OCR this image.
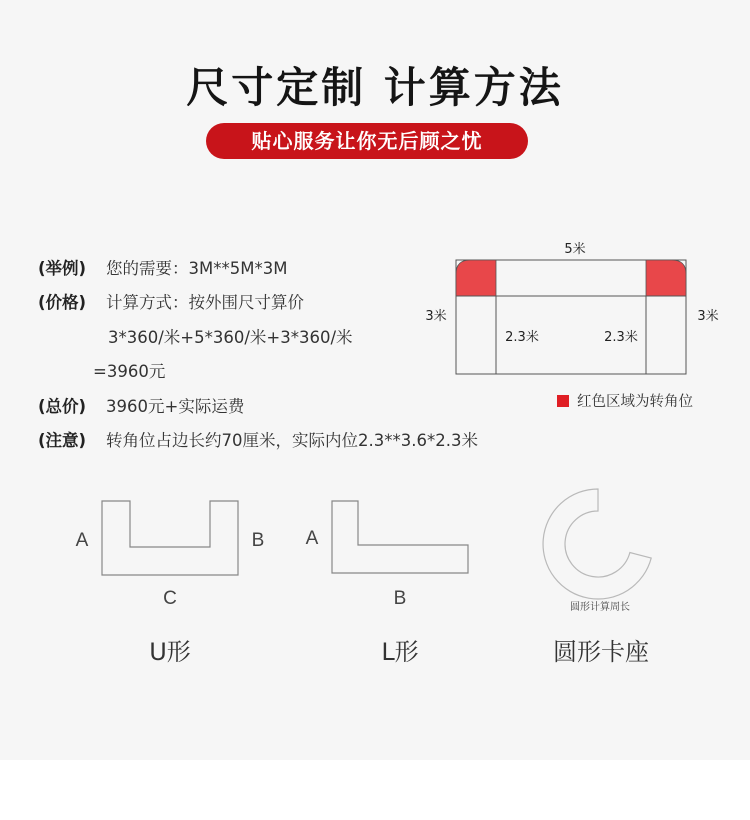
尺寸定制 计算方法
贴心服务让你无后顾之忧
(举例) 您的需要：3M**5M*3M
(价格) 计算方式：按外围尺寸算价
3*360/米+5*360/米+3*360/米
=3960元
(总价) 3960元+实际运费
(注意) 转角位占边长约70厘米，实际内位2.3**3.6*2.3米
5米
3米	3米
2.3米	2.3米
红色区域为转角位
A	B
C
U形
A
B
L形
圆形计算周长
圆形卡座
